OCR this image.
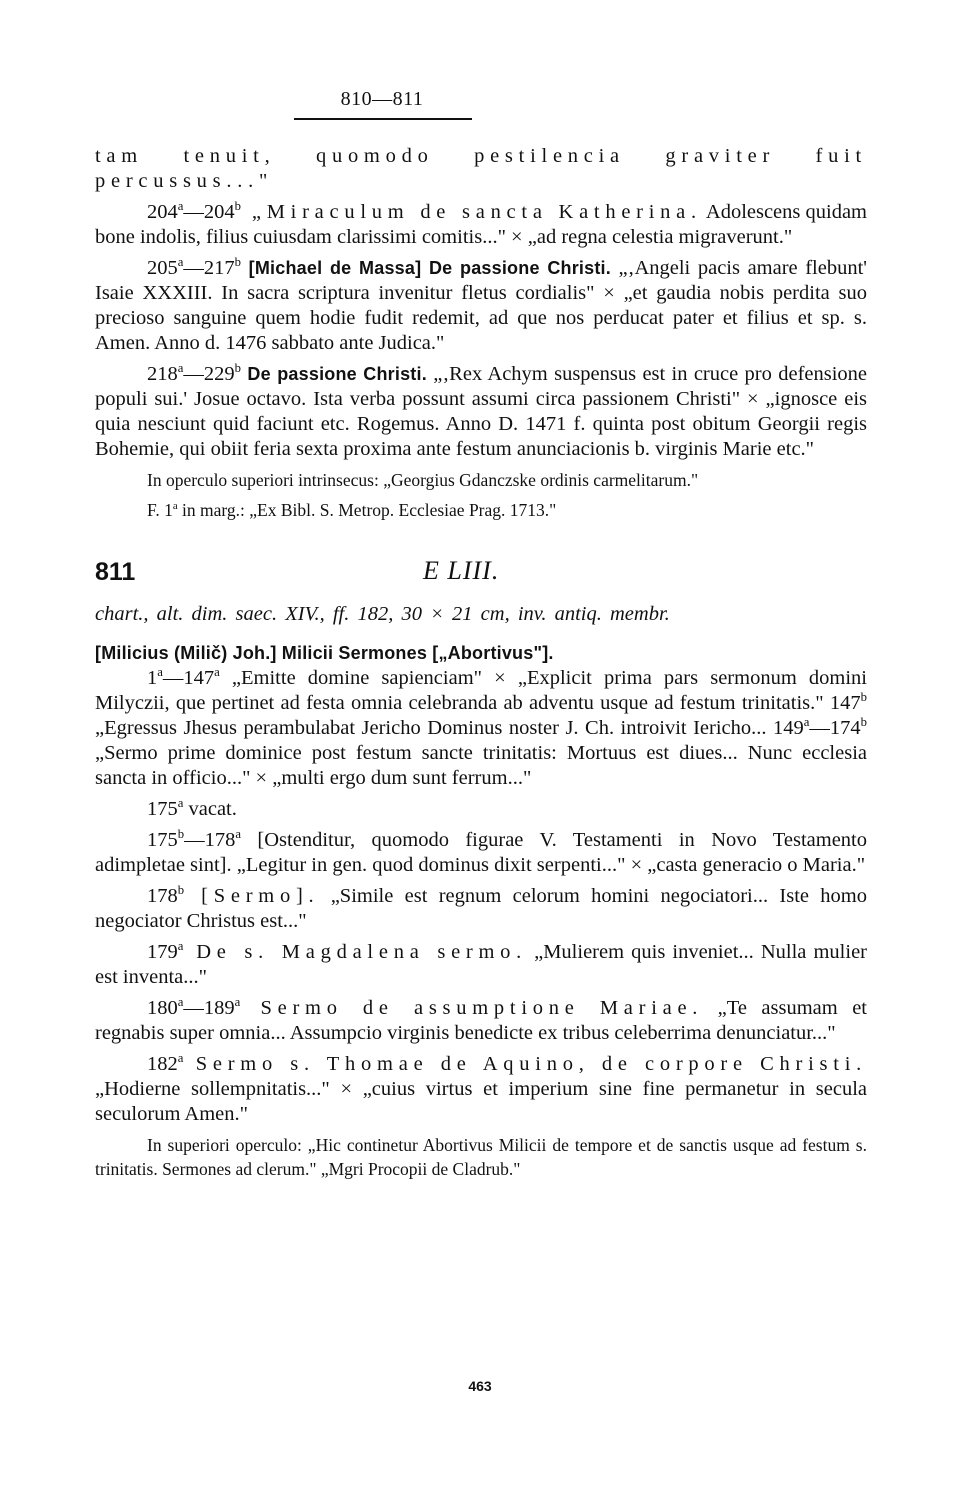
810—811

tam tenuit, quomodo pestilencia graviter fuit percussus..."

204$^a$—204$^b$ „Miraculum de sancta Katherina. Adolescens quidam bone indolis, filius cuiusdam clarissimi comitis..." × „ad regna celestia migraverunt."

205$^a$—217$^b$ [Michael de Massa] De passione Christi. „‚Angeli pacis amare flebunt' Isaie XXXIII. In sacra scriptura invenitur fletus cordialis" × „et gaudia nobis perdita suo precioso sanguine quem hodie fudit redemit, ad que nos perducat pater et filius et sp. s. Amen. Anno d. 1476 sabbato ante Judica."

218$^a$—229$^b$ De passione Christi. „‚Rex Achym suspensus est in cruce pro defensione populi sui.' Josue octavo. Ista verba possunt assumi circa passionem Christi" × „ignosce eis quia nesciunt quid faciunt etc. Rogemus. Anno D. 1471 f. quinta post obitum Georgii regis Bohemie, qui obiit feria sexta proxima ante festum anunciacionis b. virginis Marie etc."

In operculo superiori intrinsecus: „Georgius Gdanczske ordinis carmelitarum."

F. 1$^a$ in marg.: „Ex Bibl. S. Metrop. Ecclesiae Prag. 1713."

811	E LIII.

chart., alt. dim. saec. XIV., ff. 182, 30 × 21 cm, inv. antiq. membr.

[Milicius (Milič) Joh.] Milicii Sermones [„Abortivus"].

1$^a$—147$^a$ „Emitte domine sapienciam" × „Explicit prima pars sermonum domini Milyczii, que pertinet ad festa omnia celebranda ab adventu usque ad festum trinitatis." 147$^b$ „Egressus Jhesus perambulabat Jericho Dominus noster J. Ch. introivit Iericho... 149$^a$—174$^b$ „Sermo prime dominice post festum sancte trinitatis: Mortuus est diues... Nunc ecclesia sancta in officio..." × „multi ergo dum sunt ferrum..."

175$^a$ vacat.

175$^b$—178$^a$ [Ostenditur, quomodo figurae V. Testamenti in Novo Testamento adimpletae sint]. „Legitur in gen. quod dominus dixit serpenti..." × „casta generacio o Maria."

178$^b$ [Sermo]. „Simile est regnum celorum homini negociatori... Iste homo negociator Christus est..."

179$^a$ De s. Magdalena sermo. „Mulierem quis inveniet... Nulla mulier est inventa..."

180$^a$—189$^a$ Sermo de assumptione Mariae. „Te assumam et regnabis super omnia... Assumpcio virginis benedicte ex tribus celeberrima denunciatur..."

182$^a$ Sermo s. Thomae de Aquino, de corpore Christi. „Hodierne sollempnitatis..." × „cuius virtus et imperium sine fine permanetur in secula seculorum Amen."

In superiori operculo: „Hic continetur Abortivus Milicii de tempore et de sanctis usque ad festum s. trinitatis. Sermones ad clerum." „Mgri Procopii de Cladrub."

463
